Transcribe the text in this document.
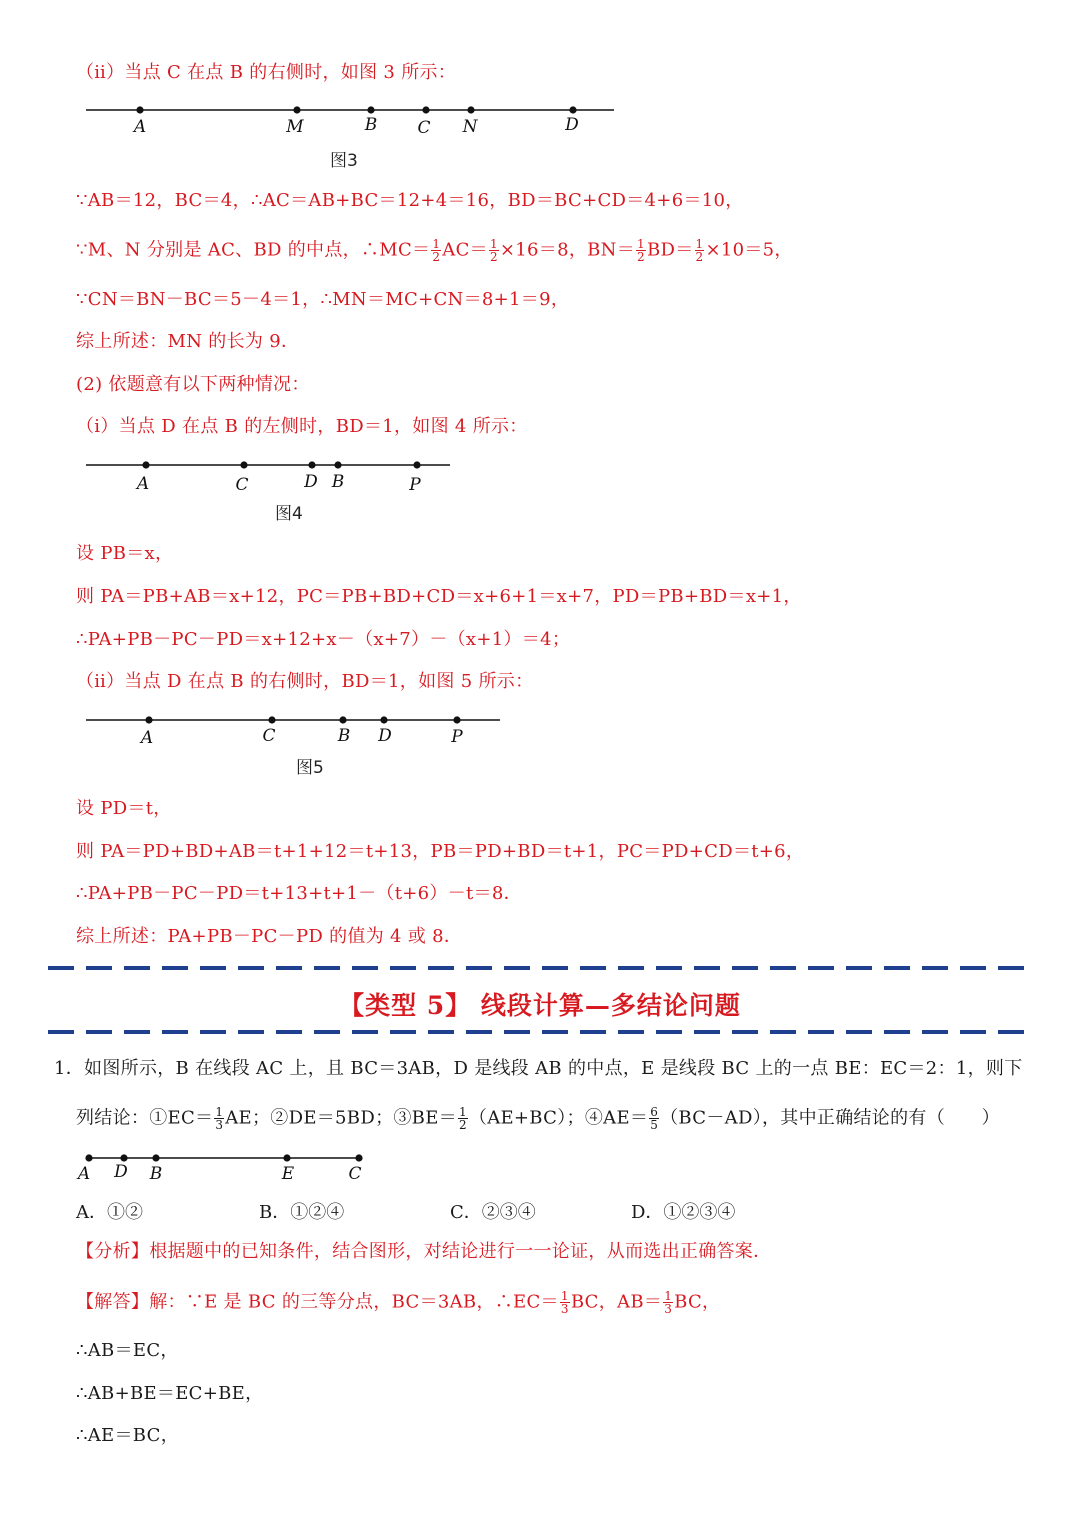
（ⅱ）当点 C 在点 B 的右侧时，如图 3 所示：
A	M	B C N	D
图3
∵AB＝12，BC＝4，∴AC＝AB+BC＝12+4＝16，BD＝BC+CD＝4+6＝10，
∵M、N 分别是 AC、BD 的中点，∴MC＝ $\frac{1}{2} AC= \frac{1}{2} \times 16=8$，$BN= \frac{1}{2} BD= \frac{1}{2} \times 10=5$，
∵CN＝BN－BC＝5－4＝1，∴MN＝MC+CN＝8+1＝9，
综上所述：MN 的长为 9．
(2) 依题意有以下两种情况：
（ⅰ）当点 D 在点 B 的左侧时，BD＝1，如图 4 所示：
A	C	D B	P
图4
设 PB＝x，
则 PA＝PB+AB＝x+12，PC＝PB+BD+CD＝x+6+1＝x+7，PD＝PB+BD＝x+1，
∴PA+PB－PC－PD＝x+12+x－（x+7）－（x+1）＝4；
（ⅱ）当点 D 在点 B 的右侧时，BD＝1，如图 5 所示：
A	C	B D	P
图5
设 PD＝t，
则 PA＝PD+BD+AB＝t+1+12＝t+13，PB＝PD+BD＝t+1，PC＝PD+CD＝t+6，
∴PA+PB－PC－PD＝t+13+t+1－（t+6）－t＝8．
综上所述：PA+PB－PC－PD 的值为 4 或 8．
【类型 5】 线段计算—多结论问题
1．如图所示，B 在线段 AC 上，且 BC＝3AB，D 是线段 AB 的中点，E 是线段 BC 上的一点 BE：EC＝2：1，则下
列结论：①EC＝ $\frac{1}{3}$ AE；②DE＝5BD；③BE＝ $\frac{1}{2} (AE+BC)$；④AE＝ $\frac{6}{5} (BC-AD)$，其中正确结论的有（　　）
A D B	E	C
A．①②	B．①②④	C．②③④	D．①②③④
【分析】根据题中的已知条件，结合图形，对结论进行一一论证，从而选出正确答案．
【解答】解：∵E 是 BC 的三等分点，BC＝3AB，∴EC＝ $\frac{1}{3}$ BC，$AB= \frac{1}{3}$ BC，
∴AB＝EC，
∴AB+BE＝EC+BE，
∴AE＝BC，
